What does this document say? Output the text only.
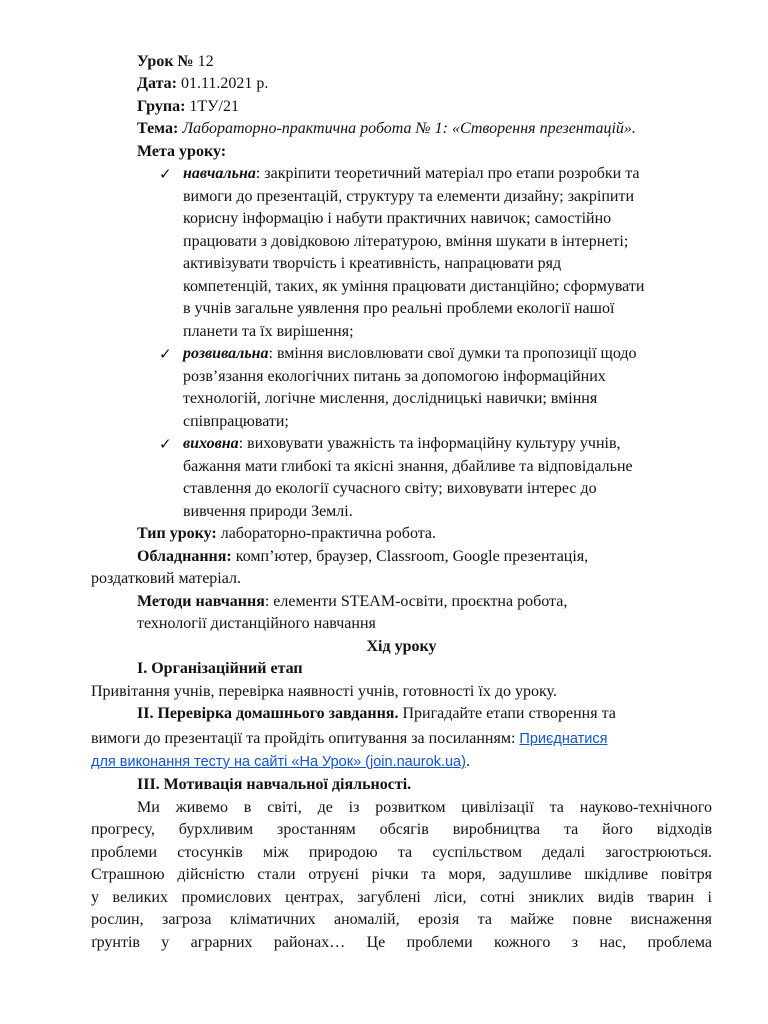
Урок № 12
Дата: 01.11.2021 р.
Група: 1ТУ/21
Тема: Лабораторно-практична робота № 1: «Створення презентацій».
Мета уроку:
✓ навчальна: закріпити теоретичний матеріал про етапи розробки та
вимоги до презентацій, структуру та елементи дизайну; закріпити
корисну інформацію і набути практичних навичок; самостійно
працювати з довідковою літературою, вміння шукати в інтернеті;
активізувати творчість і креативність, напрацювати ряд
компетенцій, таких, як уміння працювати дистанційно; сформувати
в учнів загальне уявлення про реальні проблеми екології нашої
планети та їх вирішення;
✓ розвивальна: вміння висловлювати свої думки та пропозиції щодо
розв’язання екологічних питань за допомогою інформаційних
технологій, логічне мислення, дослідницькі навички; вміння
співпрацювати;
✓ виховна: виховувати уважність та інформаційну культуру учнів,
бажання мати глибокі та якісні знання, дбайливе та відповідальне
ставлення до екології сучасного світу; виховувати інтерес до
вивчення природи Землі.
Тип уроку: лабораторно-практична робота.
Обладнання: комп’ютер, браузер, Classroom, Google презентація,
роздатковий матеріал.
Методи навчання: елементи STEAM-освіти, проєктна робота,
технології дистанційного навчання
Хід уроку
І. Організаційний етап
Привітання учнів, перевірка наявності учнів, готовності їх до уроку.
ІІ. Перевірка домашнього завдання. Пригадайте етапи створення та
вимоги до презентації та пройдіть опитування за посиланням: Приєднатися
для виконання тесту на сайті «На Урок» (join.naurok.ua).
ІІІ. Мотивація навчальної діяльності.
Ми живемо в світі, де із розвитком цивілізації та науково-технічного
прогресу, бурхливим зростанням обсягів виробництва та його відходів
проблеми стосунків між природою та суспільством дедалі загострюються.
Страшною дійсністю стали отруєні річки та моря, задушливе шкідливе повітря
у великих промислових центрах, загублені ліси, сотні зниклих видів тварин і
рослин, загроза кліматичних аномалій, ерозія та майже повне виснаження
ґрунтів у аграрних районах… Це проблеми кожного з нас, проблема
